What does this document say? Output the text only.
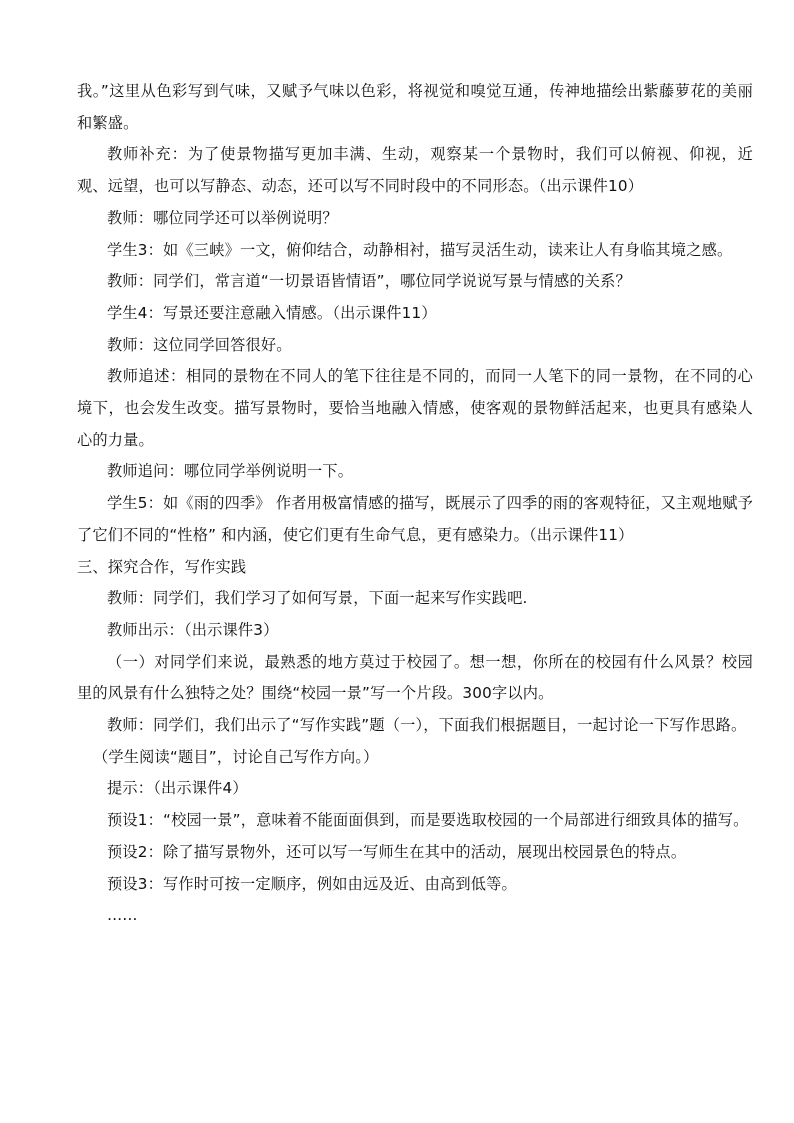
我。”这里从色彩写到气味，又赋予气味以色彩，将视觉和嗅觉互通，传神地描绘出紫藤萝花的美丽和繁盛。

教师补充：为了使景物描写更加丰满、生动，观察某一个景物时，我们可以俯视、仰视，近观、远望，也可以写静态、动态，还可以写不同时段中的不同形态。（出示课件10）

教师：哪位同学还可以举例说明？

学生3：如《三峡》一文，俯仰结合，动静相衬，描写灵活生动，读来让人有身临其境之感。

教师：同学们，常言道“一切景语皆情语”，哪位同学说说写景与情感的关系？

学生4：写景还要注意融入情感。（出示课件11）

教师：这位同学回答很好。

教师追述：相同的景物在不同人的笔下往往是不同的，而同一人笔下的同一景物，在不同的心境下，也会发生改变。描写景物时，要恰当地融入情感，使客观的景物鲜活起来，也更具有感染人心的力量。

教师追问：哪位同学举例说明一下。

学生5：如《雨的四季》 作者用极富情感的描写，既展示了四季的雨的客观特征，又主观地赋予了它们不同的“性格” 和内涵，使它们更有生命气息，更有感染力。（出示课件11）

三、探究合作，写作实践

教师：同学们，我们学习了如何写景，下面一起来写作实践吧.

教师出示：（出示课件3）

（一）对同学们来说，最熟悉的地方莫过于校园了。想一想，你所在的校园有什么风景？校园里的风景有什么独特之处？围绕“校园一景”写一个片段。300字以内。

教师：同学们，我们出示了“写作实践”题（一），下面我们根据题目，一起讨论一下写作思路。

（学生阅读“题目”，讨论自己写作方向。）

提示：（出示课件4）

预设1：“校园一景”，意味着不能面面俱到，而是要选取校园的一个局部进行细致具体的描写。

预设2：除了描写景物外，还可以写一写师生在其中的活动，展现出校园景色的特点。

预设3：写作时可按一定顺序，例如由远及近、由高到低等。

……
